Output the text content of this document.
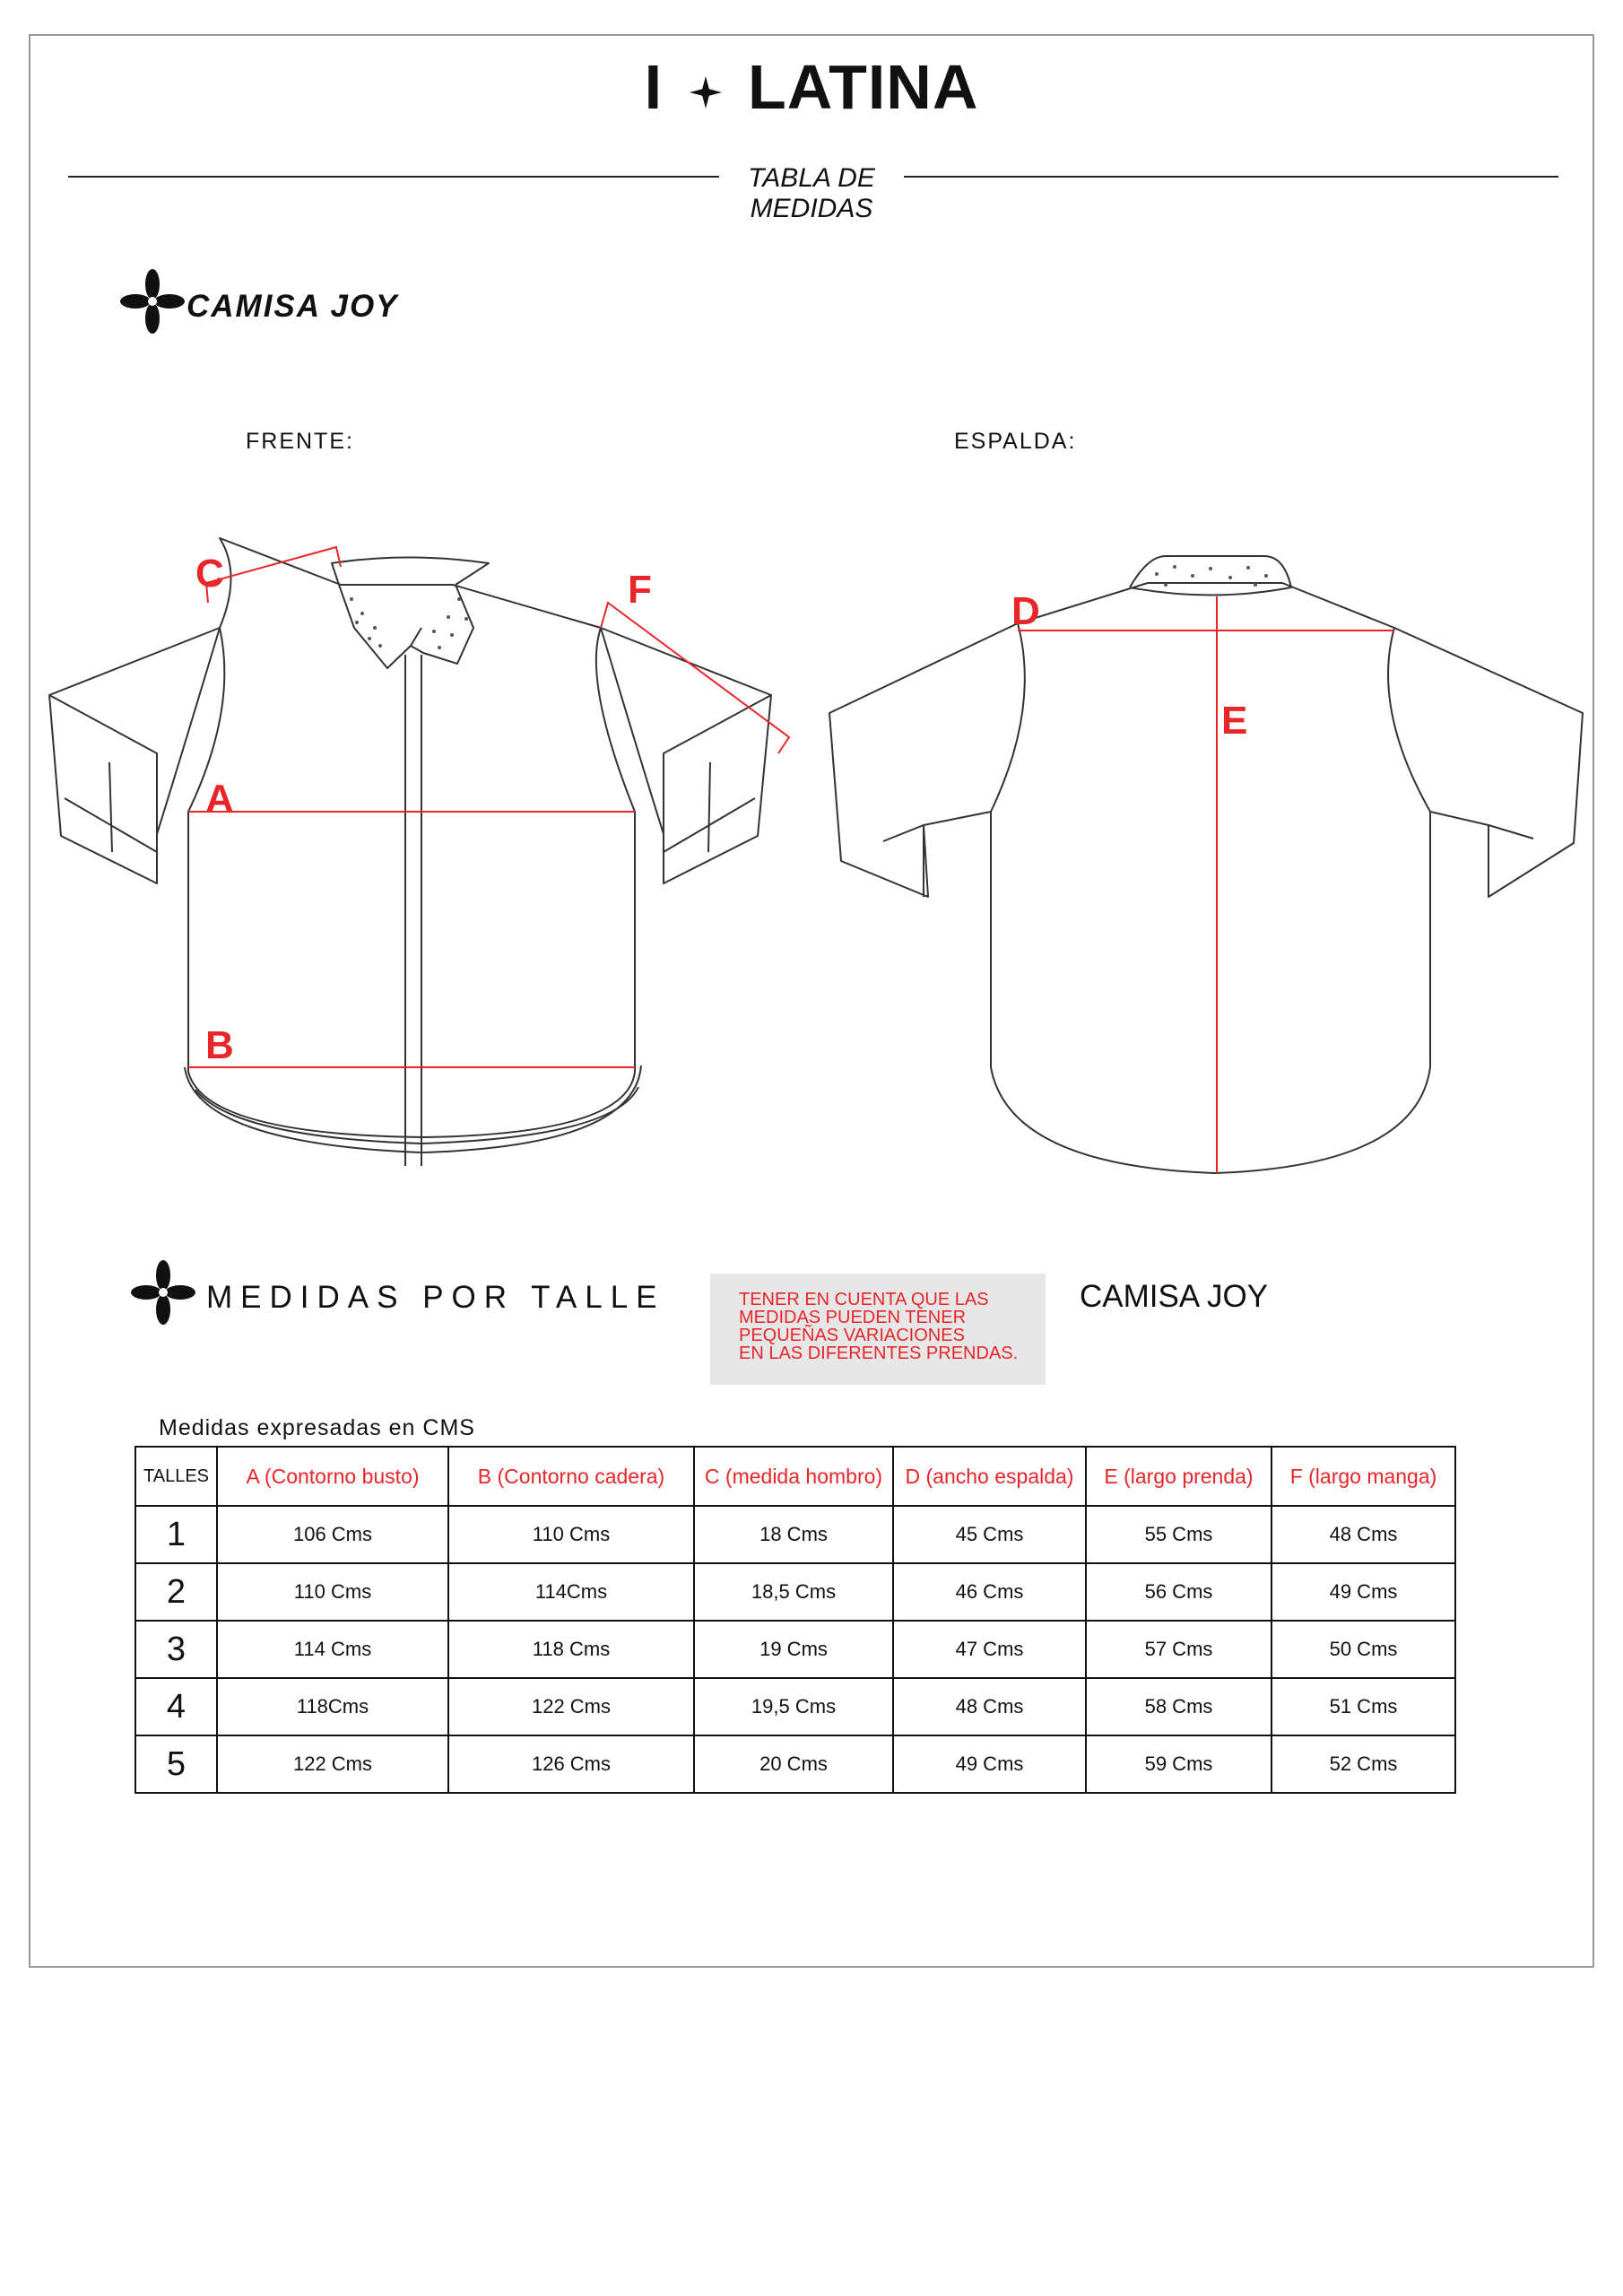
I LATINA
TABLA DE
MEDIDAS
CAMISA JOY
FRENTE:	ESPALDA:
A
B
C
D
E
F
MEDIDAS POR TALLE	TENER EN CUENTA QUE LAS
MEDIDAS PUEDEN TENER
PEQUEÑAS VARIACIONES
EN LAS DIFERENTES PRENDAS.
CAMISA JOY
Medidas expresadas en CMS
TALLES	A (Contorno busto)	B (Contorno cadera)	C (medida hombro)	D (ancho espalda)	E (largo prenda)	F (largo manga)
1	106 Cms	110 Cms	18 Cms	45 Cms	55 Cms	48 Cms
2	110 Cms	114Cms	18,5 Cms	46 Cms	56 Cms	49 Cms
3	114 Cms	118 Cms	19 Cms	47 Cms	57 Cms	50 Cms
4	118Cms	122 Cms	19,5 Cms	48 Cms	58 Cms	51 Cms
5	122 Cms	126 Cms	20 Cms	49 Cms	59 Cms	52 Cms
